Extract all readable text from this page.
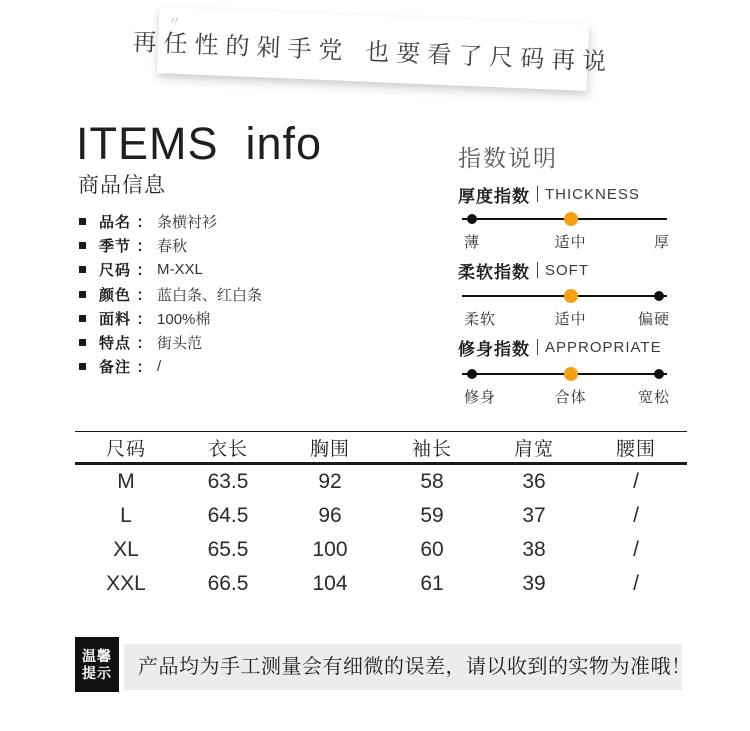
〃
再任性的剁手党 也要看了尺码再说
ITEMS  info
商品信息
品名 ： 条横衬衫
季节 ： 春秋
尺码 ： M-XXL
颜色 ： 蓝白条、红白条
面料 ： 100%棉
特点 ： 街头范
备注 ： /
指数说明
厚度指数 THICKNESS
薄	适中	厚
柔软指数 SOFT
柔软	适中	偏硬
修身指数 APPROPRIATE
修身	合体	宽松
尺码	衣长	胸围	袖长	肩宽	腰围
M	63.5	92	58	36	/
L	64.5	96	59	37	/
XL	65.5	100	60	38	/
XXL	66.5	104	61	39	/
温馨
提示	产品均为手工测量会有细微的误差，请以收到的实物为准哦！
